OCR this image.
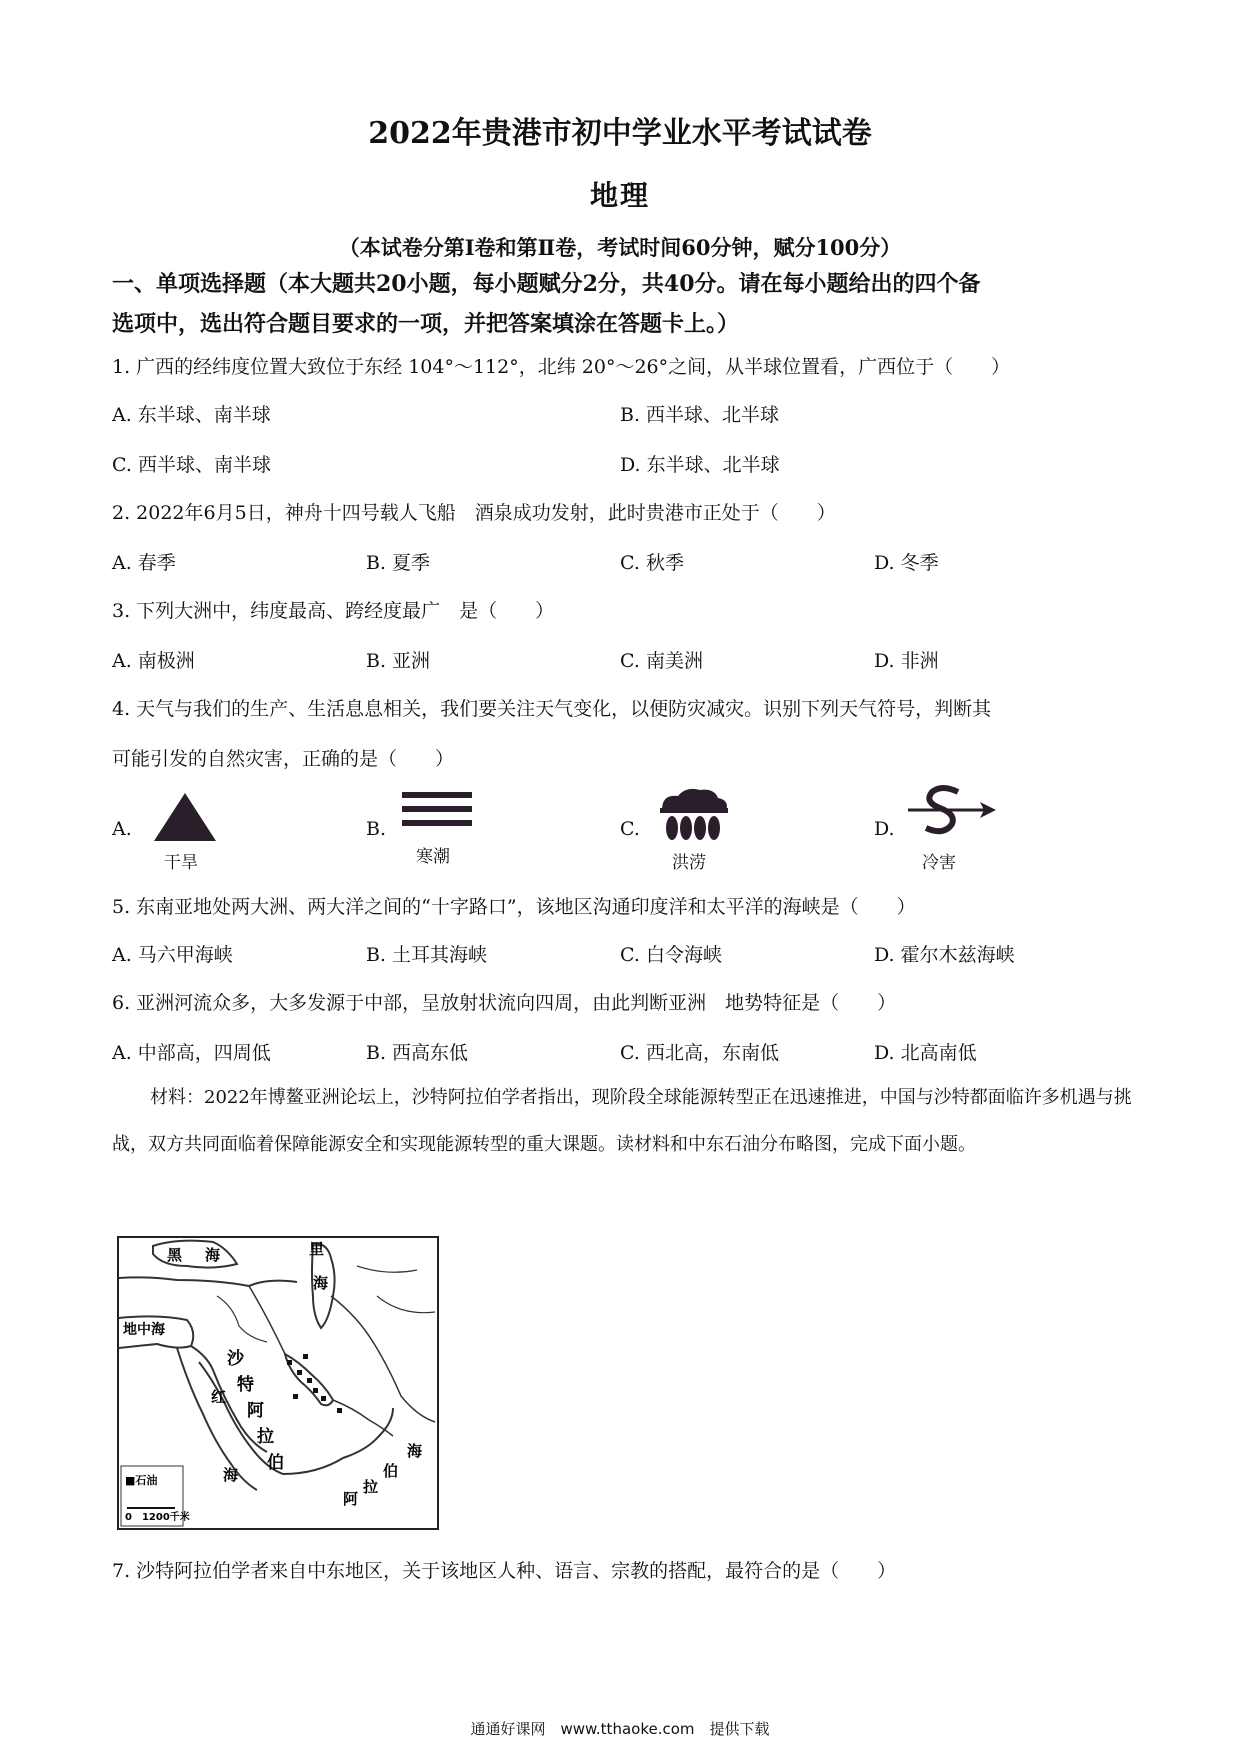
2022年贵港市初中学业水平考试试卷
地理
（本试卷分第Ⅰ卷和第Ⅱ卷，考试时间60分钟，赋分100分）
一、单项选择题（本大题共20小题，每小题赋分2分，共40分。请在每小题给出的四个备
选项中，选出符合题目要求的一项，并把答案填涂在答题卡上。）
1. 广西的经纬度位置大致位于东经 104°～112°，北纬 20°～26°之间，从半球位置看，广西位于（　　）
A. 东半球、南半球	B. 西半球、北半球
C. 西半球、南半球	D. 东半球、北半球
2. 2022年6月5日，神舟十四号载人飞船　酒泉成功发射，此时贵港市正处于（　　）
A. 春季	B. 夏季	C. 秋季	D. 冬季
3. 下列大洲中，纬度最高、跨经度最广　是（　　）
A. 南极洲	B. 亚洲	C. 南美洲	D. 非洲
4. 天气与我们的生产、生活息息相关，我们要关注天气变化，以便防灾减灾。识别下列天气符号，判断其
可能引发的自然灾害，正确的是（　　）
A.
干旱
B.
寒潮
C.
洪涝
D.
冷害
5. 东南亚地处两大洲、两大洋之间的“十字路口”，该地区沟通印度洋和太平洋的海峡是（　　）
A. 马六甲海峡	B. 土耳其海峡	C. 白令海峡	D. 霍尔木兹海峡
6. 亚洲河流众多，大多发源于中部，呈放射状流向四周，由此判断亚洲　地势特征是（　　）
A. 中部高，四周低	B. 西高东低	C. 西北高，东南低	D. 北高南低
材料：2022年博鳌亚洲论坛上，沙特阿拉伯学者指出，现阶段全球能源转型正在迅速推进，中国与沙特都面临许多机遇与挑战，双方共同面临着保障能源安全和实现能源转型的重大课题。读材料和中东石油分布略图，完成下面小题。
黑 海	里
海
地中海
红
海
沙
特
阿
拉
伯
阿
拉
伯
海
■石油
0　1200千米
7. 沙特阿拉伯学者来自中东地区，关于该地区人种、语言、宗教的搭配，最符合的是（　　）
通通好课网　www.tthaoke.com　提供下载
